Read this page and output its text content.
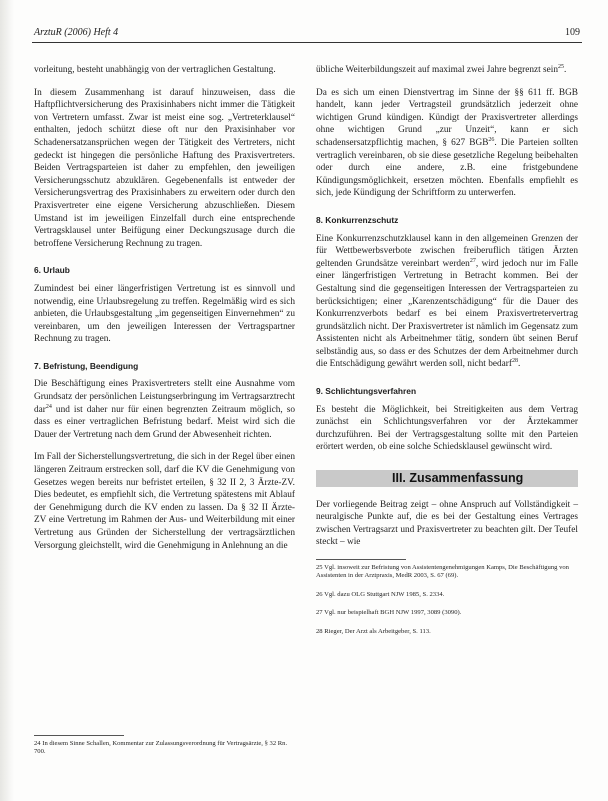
ArztuR (2006) Heft 4	109

vorleitung, besteht unabhängig von der vertraglichen Gestaltung.

In diesem Zusammenhang ist darauf hinzuweisen, dass die Haftpflichtversicherung des Praxisinhabers nicht immer die Tätigkeit von Vertretern umfasst. Zwar ist meist eine sog. „Vertreterklausel“ enthalten, jedoch schützt diese oft nur den Praxisinhaber vor Schadenersatzansprüchen wegen der Tätigkeit des Vertreters, nicht gedeckt ist hingegen die persönliche Haftung des Praxisvertreters. Beiden Vertragsparteien ist daher zu empfehlen, den jeweiligen Versicherungsschutz abzuklären. Gegebenenfalls ist entweder der Versicherungsvertrag des Praxisinhabers zu erweitern oder durch den Praxisvertreter eine eigene Versicherung abzuschließen. Diesem Umstand ist im jeweiligen Einzelfall durch eine entsprechende Vertragsklausel unter Beifügung einer Deckungszusage durch die betroffene Versicherung Rechnung zu tragen.

6. Urlaub

Zumindest bei einer längerfristigen Vertretung ist es sinnvoll und notwendig, eine Urlaubsregelung zu treffen. Regelmäßig wird es sich anbieten, die Urlaubsgestaltung „im gegenseitigen Einvernehmen“ zu vereinbaren, um den jeweiligen Interessen der Vertragspartner Rechnung zu tragen.

7. Befristung, Beendigung

Die Beschäftigung eines Praxisvertreters stellt eine Ausnahme vom Grundsatz der persönlichen Leistungserbringung im Vertragsarztrecht dar$^{24}$ und ist daher nur für einen begrenzten Zeitraum möglich, so dass es einer vertraglichen Befristung bedarf. Meist wird sich die Dauer der Vertretung nach dem Grund der Abwesenheit richten.

Im Fall der Sicherstellungsvertretung, die sich in der Regel über einen längeren Zeitraum erstrecken soll, darf die KV die Genehmigung von Gesetzes wegen bereits nur befristet erteilen, § 32 II 2, 3 Ärzte-ZV. Dies bedeutet, es empfiehlt sich, die Vertretung spätestens mit Ablauf der Genehmigung durch die KV enden zu lassen. Da § 32 II Ärzte-ZV eine Vertretung im Rahmen der Aus- und Weiterbildung mit einer Vertretung aus Gründen der Sicherstellung der vertragsärztlichen Versorgung gleichstellt, wird die Genehmigung in Anlehnung an die

24 In diesem Sinne Schallen, Kommentar zur Zulassungsverordnung für Vertragsärzte, § 32 Rn. 700.

übliche Weiterbildungszeit auf maximal zwei Jahre begrenzt sein$^{25}$.

Da es sich um einen Dienstvertrag im Sinne der §§ 611 ff. BGB handelt, kann jeder Vertragsteil grundsätzlich jederzeit ohne wichtigen Grund kündigen. Kündigt der Praxisvertreter allerdings ohne wichtigen Grund „zur Unzeit“, kann er sich schadensersatzpflichtig machen, § 627 BGB$^{26}$. Die Parteien sollten vertraglich vereinbaren, ob sie diese gesetzliche Regelung beibehalten oder durch eine andere, z.B. eine fristgebundene Kündigungsmöglichkeit, ersetzen möchten. Ebenfalls empfiehlt es sich, jede Kündigung der Schriftform zu unterwerfen.

8. Konkurrenzschutz

Eine Konkurrenzschutzklausel kann in den allgemeinen Grenzen der für Wettbewerbsverbote zwischen freiberuflich tätigen Ärzten geltenden Grundsätze vereinbart werden$^{27}$, wird jedoch nur im Falle einer längerfristigen Vertretung in Betracht kommen. Bei der Gestaltung sind die gegenseitigen Interessen der Vertragsparteien zu berücksichtigen; einer „Karenzentschädigung“ für die Dauer des Konkurrenzverbots bedarf es bei einem Praxisvertretervertrag grundsätzlich nicht. Der Praxisvertreter ist nämlich im Gegensatz zum Assistenten nicht als Arbeitnehmer tätig, sondern übt seinen Beruf selbständig aus, so dass er des Schutzes der dem Arbeitnehmer durch die Entschädigung gewährt werden soll, nicht bedarf$^{28}$.

9. Schlichtungsverfahren

Es besteht die Möglichkeit, bei Streitigkeiten aus dem Vertrag zunächst ein Schlichtungsverfahren vor der Ärztekammer durchzuführen. Bei der Vertragsgestaltung sollte mit den Parteien erörtert werden, ob eine solche Schiedsklausel gewünscht wird.

III. Zusammenfassung

Der vorliegende Beitrag zeigt – ohne Anspruch auf Vollständigkeit – neuralgische Punkte auf, die es bei der Gestaltung eines Vertrages zwischen Vertragsarzt und Praxisvertreter zu beachten gilt. Der Teufel steckt – wie

25 Vgl. insoweit zur Befristung von Assistentengenehmigungen Kamps, Die Beschäftigung von Assistenten in der Arztpraxis, MedR 2003, S. 67 (69).

26 Vgl. dazu OLG Stuttgart NJW 1985, S. 2334.

27 Vgl. nur beispielhaft BGH NJW 1997, 3089 (3090).

28 Rieger, Der Arzt als Arbeitgeber, S. 113.
